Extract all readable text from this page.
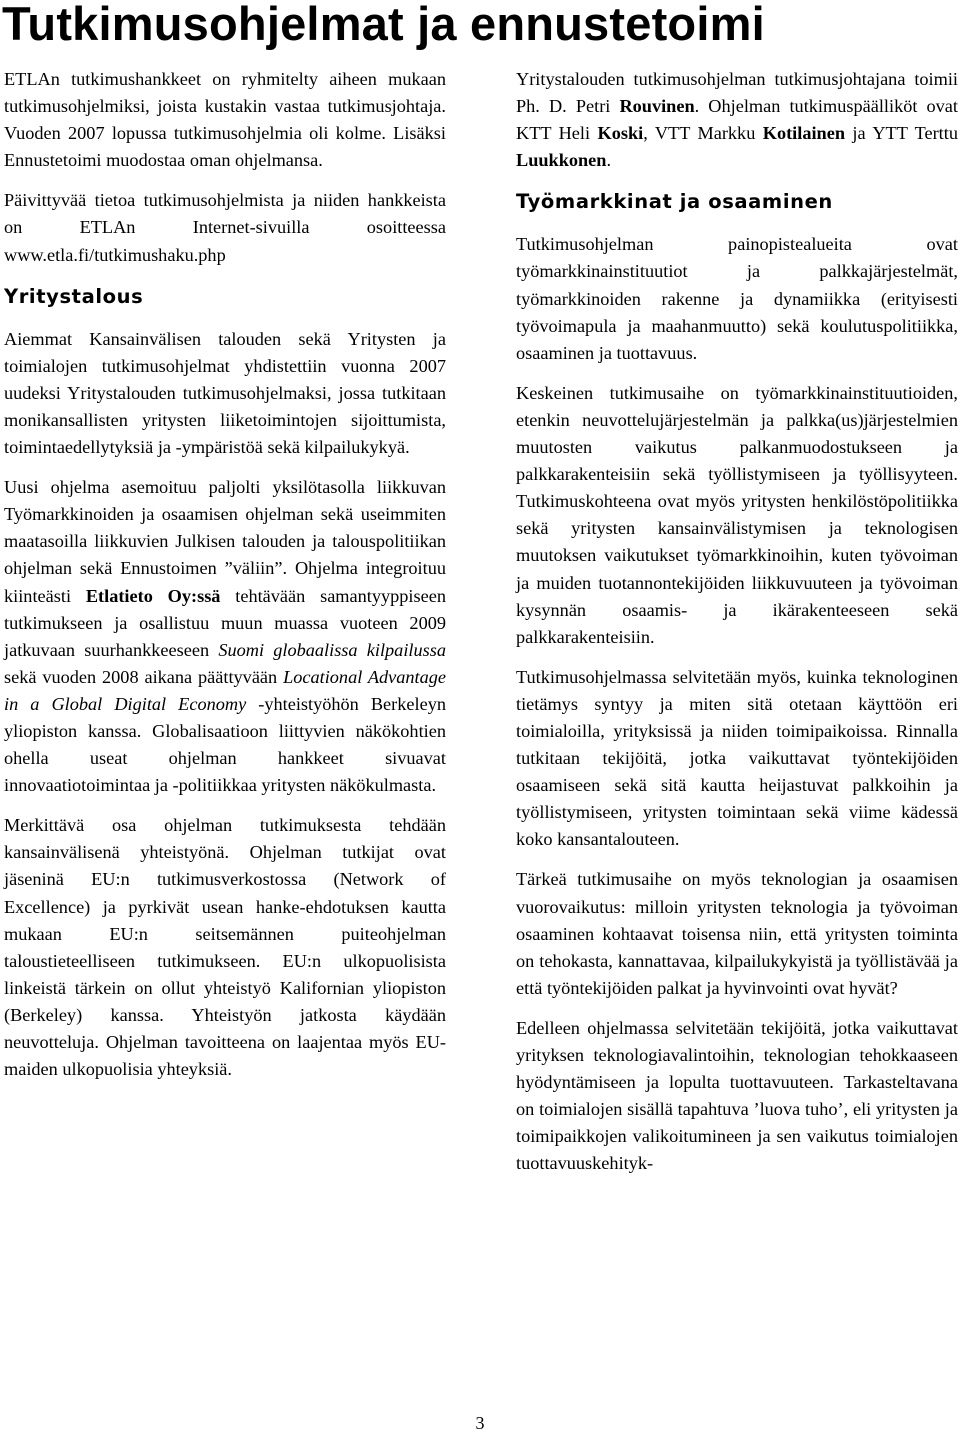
Tutkimusohjelmat ja ennustetoimi

ETLAn tutkimushankkeet on ryhmitelty aiheen mukaan tutkimusohjelmiksi, joista kustakin vastaa tutkimusjohtaja. Vuoden 2007 lopussa tutkimusohjelmia oli kolme. Lisäksi Ennustetoimi muodostaa oman ohjelmansa.

Päivittyvää tietoa tutkimusohjelmista ja niiden hankkeista on ETLAn Internet-sivuilla osoitteessa www.etla.fi/tutkimushaku.php

Yritystalous

Aiemmat Kansainvälisen talouden sekä Yritysten ja toimialojen tutkimusohjelmat yhdistettiin vuonna 2007 uudeksi Yritystalouden tutkimusohjelmaksi, jossa tutkitaan monikansallisten yritysten liiketoimintojen sijoittumista, toimintaedellytyksiä ja -ympäristöä sekä kilpailukykyä.

Uusi ohjelma asemoituu paljolti yksilötasolla liikkuvan Työmarkkinoiden ja osaamisen ohjelman sekä useimmiten maatasoilla liikkuvien Julkisen talouden ja talouspolitiikan ohjelman sekä Ennustoimen ”väliin”. Ohjelma integroituu kiinteästi Etlatieto Oy:ssä tehtävään samantyyppiseen tutkimukseen ja osallistuu muun muassa vuoteen 2009 jatkuvaan suurhankkeeseen Suomi globaalissa kilpailussa sekä vuoden 2008 aikana päättyvään Locational Advantage in a Global Digital Economy -yhteistyöhön Berkeleyn yliopiston kanssa. Globalisaatioon liittyvien näkökohtien ohella useat ohjelman hankkeet sivuavat innovaatiotoimintaa ja -politiikkaa yritysten näkökulmasta.

Merkittävä osa ohjelman tutkimuksesta tehdään kansainvälisenä yhteistyönä. Ohjelman tutkijat ovat jäseninä EU:n tutkimusverkostossa (Network of Excellence) ja pyrkivät usean hanke-ehdotuksen kautta mukaan EU:n seitsemännen puiteohjelman taloustieteelliseen tutkimukseen. EU:n ulkopuolisista linkeistä tärkein on ollut yhteistyö Kalifornian yliopiston (Berkeley) kanssa. Yhteistyön jatkosta käydään neuvotteluja. Ohjelman tavoitteena on laajentaa myös EU-maiden ulkopuolisia yhteyksiä.

Yritystalouden tutkimusohjelman tutkimusjohtajana toimii Ph. D. Petri Rouvinen. Ohjelman tutkimuspäälliköt ovat KTT Heli Koski, VTT Markku Kotilainen ja YTT Terttu Luukkonen.

Työmarkkinat ja osaaminen

Tutkimusohjelman painopistealueita ovat työmarkkinainstituutiot ja palkkajärjestelmät, työmarkkinoiden rakenne ja dynamiikka (erityisesti työvoimapula ja maahanmuutto) sekä koulutuspolitiikka, osaaminen ja tuottavuus.

Keskeinen tutkimusaihe on työmarkkinainstituutioiden, etenkin neuvottelujärjestelmän ja palkka(us)järjestelmien muutosten vaikutus palkanmuodostukseen ja palkkarakenteisiin sekä työllistymiseen ja työllisyyteen. Tutkimuskohteena ovat myös yritysten henkilöstöpolitiikka sekä yritysten kansainvälistymisen ja teknologisen muutoksen vaikutukset työmarkkinoihin, kuten työvoiman ja muiden tuotannontekijöiden liikkuvuuteen ja työvoiman kysynnän osaamis- ja ikärakenteeseen sekä palkkarakenteisiin.

Tutkimusohjelmassa selvitetään myös, kuinka teknologinen tietämys syntyy ja miten sitä otetaan käyttöön eri toimialoilla, yrityksissä ja niiden toimipaikoissa. Rinnalla tutkitaan tekijöitä, jotka vaikuttavat työntekijöiden osaamiseen sekä sitä kautta heijastuvat palkkoihin ja työllistymiseen, yritysten toimintaan sekä viime kädessä koko kansantalouteen.

Tärkeä tutkimusaihe on myös teknologian ja osaamisen vuorovaikutus: milloin yritysten teknologia ja työvoiman osaaminen kohtaavat toisensa niin, että yritysten toiminta on tehokasta, kannattavaa, kilpailukykyistä ja työllistävää ja että työntekijöiden palkat ja hyvinvointi ovat hyvät?

Edelleen ohjelmassa selvitetään tekijöitä, jotka vaikuttavat yrityksen teknologiavalintoihin, teknologian tehokkaaseen hyödyntämiseen ja lopulta tuottavuuteen. Tarkasteltavana on toimialojen sisällä tapahtuva ’luova tuho’, eli yritysten ja toimipaikkojen valikoitumineen ja sen vaikutus toimialojen tuottavuuskehityk-

3
